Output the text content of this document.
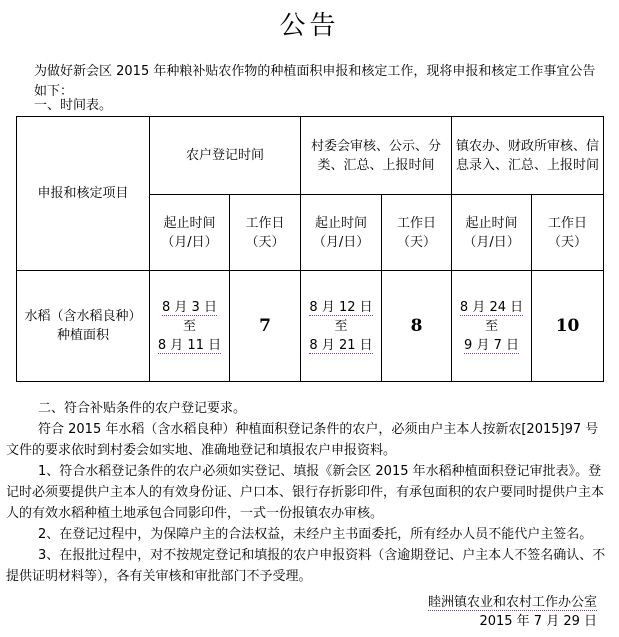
公告

为做好新会区 2015 年种粮补贴农作物的种植面积申报和核定工作，现将申报和核定工作事宜公告如下：

一、时间表。

申报和核定项目	农户登记时间		村委会审核、公示、分类、汇总、上报时间		镇农办、财政所审核、信息录入、汇总、上报时间	
	起止时间（月/日）	工作日（天）	起止时间（月/日）	工作日（天）	起止时间（月/日）	工作日（天）
水稻（含水稻良种）种植面积	8 月 3 日
至
8 月 11 日	7	8 月 12 日
至
8 月 21 日	8	8 月 24 日
至
9 月 7 日	10

二、符合补贴条件的农户登记要求。

符合 2015 年水稻（含水稻良种）种植面积登记条件的农户，必须由户主本人按新农[2015]97 号文件的要求依时到村委会如实地、准确地登记和填报农户申报资料。

1、符合水稻登记条件的农户必须如实登记、填报《新会区 2015 年水稻种植面积登记审批表》。登记时必须要提供户主本人的有效身份证、户口本、银行存折影印件，有承包面积的农户要同时提供户主本人的有效水稻种植土地承包合同影印件，一式一份报镇农办审核。

2、在登记过程中，为保障户主的合法权益，未经户主书面委托，所有经办人员不能代户主签名。

3、在报批过程中，对不按规定登记和填报的农户申报资料（含逾期登记、户主本人不签名确认、不提供证明材料等），各有关审核和审批部门不予受理。

睦洲镇农业和农村工作办公室
2015 年 7 月 29 日
